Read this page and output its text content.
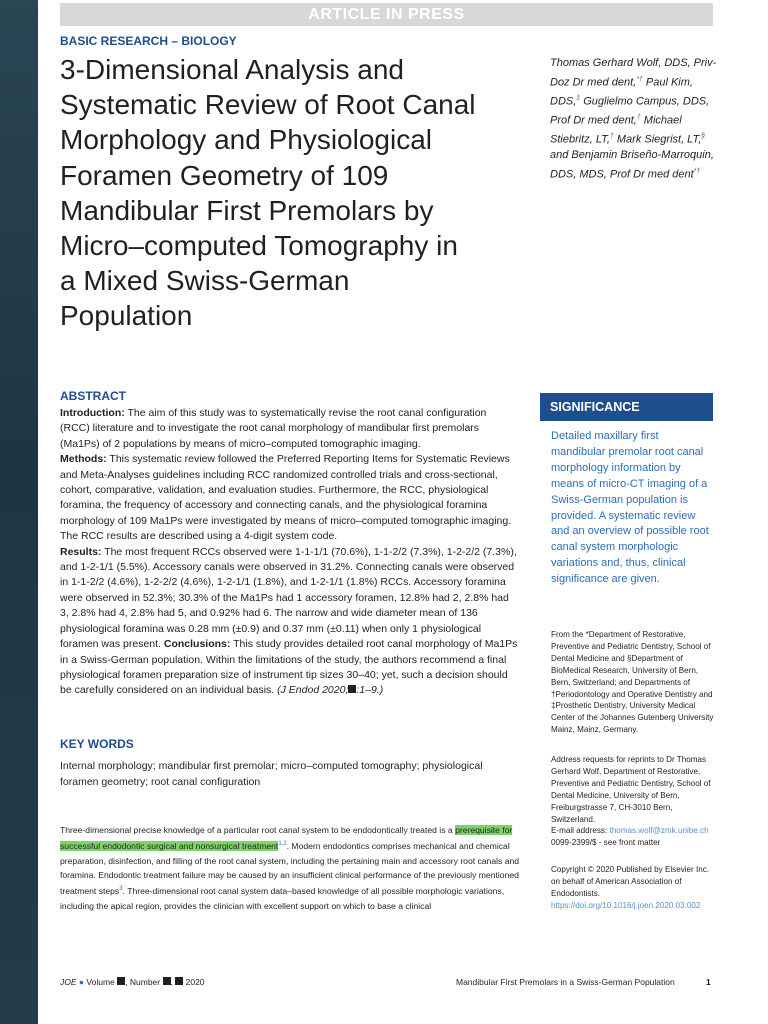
ARTICLE IN PRESS
BASIC RESEARCH – BIOLOGY
3-Dimensional Analysis and Systematic Review of Root Canal Morphology and Physiological Foramen Geometry of 109 Mandibular First Premolars by Micro–computed Tomography in a Mixed Swiss-German Population
Thomas Gerhard Wolf, DDS, Priv-Doz Dr med dent,*† Paul Kim, DDS,‡ Guglielmo Campus, DDS, Prof Dr med dent,† Michael Stiebritz, LT,† Mark Siegrist, LT,§ and Benjamin Briseño-Marroquin, DDS, MDS, Prof Dr med dent*†
ABSTRACT

Introduction: The aim of this study was to systematically revise the root canal configuration (RCC) literature and to investigate the root canal morphology of mandibular first premolars (Ma1Ps) of 2 populations by means of micro–computed tomographic imaging.

Methods: This systematic review followed the Preferred Reporting Items for Systematic Reviews and Meta-Analyses guidelines including RCC randomized controlled trials and cross-sectional, cohort, comparative, validation, and evaluation studies. Furthermore, the RCC, physiological foramina, the frequency of accessory and connecting canals, and the physiological foramina morphology of 109 Ma1Ps were investigated by means of micro–computed tomographic imaging. The RCC results are described using a 4-digit system code.

Results: The most frequent RCCs observed were 1-1-1/1 (70.6%), 1-1-2/2 (7.3%), 1-2-2/2 (7.3%), and 1-2-1/1 (5.5%). Accessory canals were observed in 31.2%. Connecting canals were observed in 1-1-2/2 (4.6%), 1-2-2/2 (4.6%), 1-2-1/1 (1.8%), and 1-2-1/1 (1.8%) RCCs. Accessory foramina were observed in 52.3%; 30.3% of the Ma1Ps had 1 accessory foramen, 12.8% had 2, 2.8% had 3, 2.8% had 4, 2.8% had 5, and 0.92% had 6. The narrow and wide diameter mean of 136 physiological foramina was 0.28 mm (±0.9) and 0.37 mm (±0.11) when only 1 physiological foramen was present. Conclusions: This study provides detailed root canal morphology of Ma1Ps in a Swiss-German population. Within the limitations of the study, the authors recommend a final physiological foramen preparation size of instrument tip sizes 30–40; yet, such a decision should be carefully considered on an individual basis. (J Endod 2020; :1–9.)

KEY WORDS
Internal morphology; mandibular first premolar; micro–computed tomography; physiological foramen geometry; root canal configuration

Three-dimensional precise knowledge of a particular root canal system to be endodontically treated is a prerequisite for successful endodontic surgical and nonsurgical treatment$^{1,2}$. Modern endodontics comprises mechanical and chemical preparation, disinfection, and filling of the root canal system, including the pertaining main and accessory root canals and foramina. Endodontic treatment failure may be caused by an insufficient clinical performance of the previously mentioned treatment steps$^3$. Three-dimensional root canal system data–based knowledge of all possible morphologic variations, including the apical region, provides the clinician with excellent support on which to base a clinical

SIGNIFICANCE
Detailed maxillary first mandibular premolar root canal morphology information by means of micro-CT imaging of a Swiss-German population is provided. A systematic review and an overview of possible root canal system morphologic variations and, thus, clinical significance are given.
From the *Department of Restorative, Preventive and Pediatric Dentistry, School of Dental Medicine and §Department of BioMedical Research, University of Bern, Bern, Switzerland; and Departments of †Periodontology and Operative Dentistry and ‡Prosthetic Dentistry, University Medical Center of the Johannes Gutenberg University Mainz, Mainz, Germany.

Address requests for reprints to Dr Thomas Gerhard Wolf, Department of Restorative, Preventive and Pediatric Dentistry, School of Dental Medicine, University of Bern, Freiburgstrasse 7, CH-3010 Bern, Switzerland.

E-mail address: thomas.wolf@zmk.unibe.ch

0099-2399/$ - see front matter

Copyright © 2020 Published by Elsevier Inc. on behalf of American Association of Endodontists.

https://doi.org/10.1016/j.joen.2020.03.002

JOE ● Volume , Number ,  2020	Mandibular First Premolars in a Swiss-German Population	1
